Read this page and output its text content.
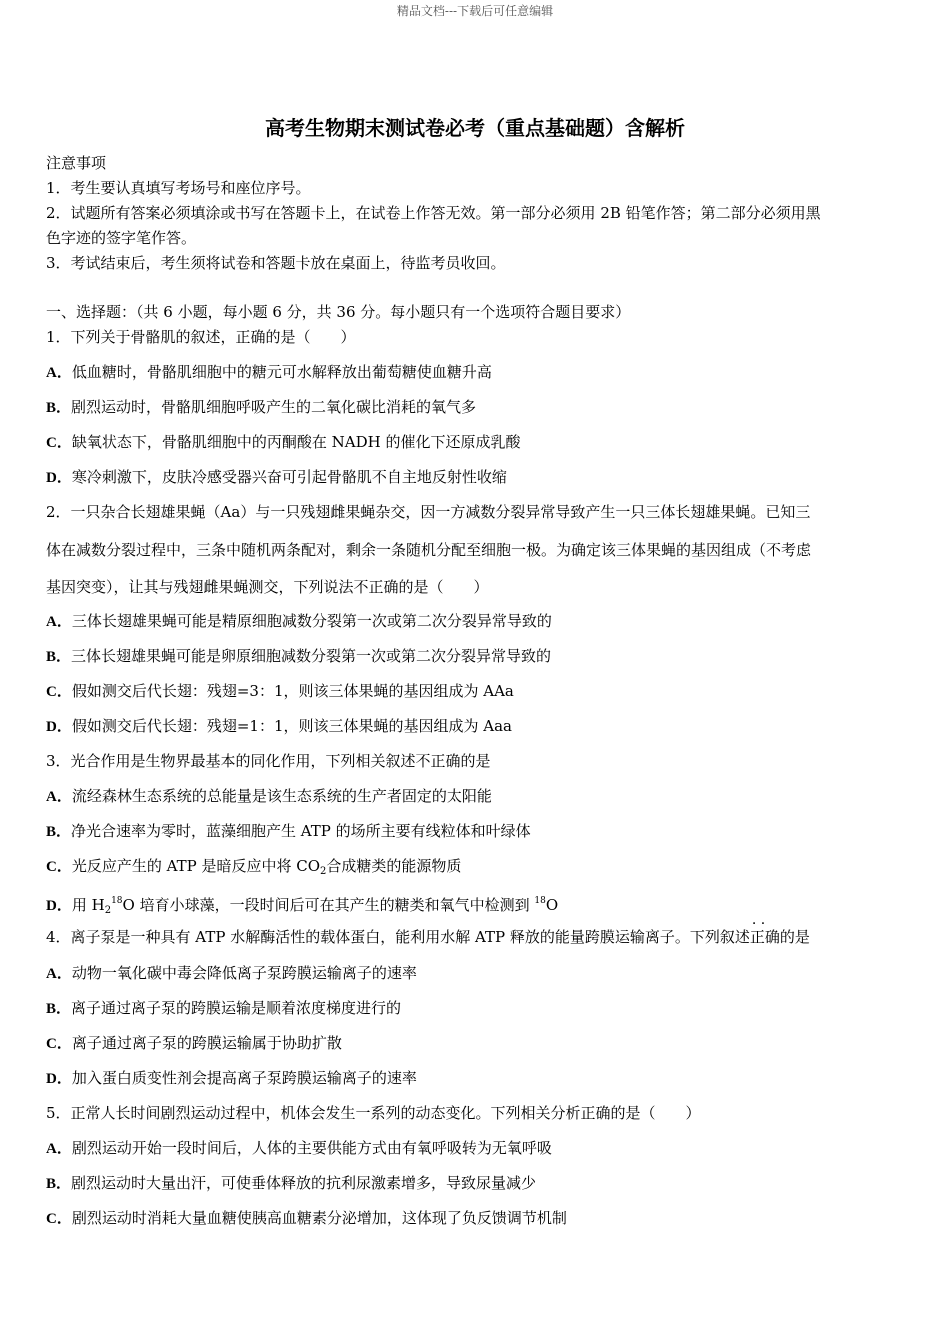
精品文档---下载后可任意编辑
高考生物期末测试卷必考（重点基础题）含解析
注意事项
1．考生要认真填写考场号和座位序号。
2．试题所有答案必须填涂或书写在答题卡上，在试卷上作答无效。第一部分必须用 2B 铅笔作答；第二部分必须用黑
色字迹的签字笔作答。
3．考试结束后，考生须将试卷和答题卡放在桌面上，待监考员收回。
一、选择题：（共 6 小题，每小题 6 分，共 36 分。每小题只有一个选项符合题目要求）
1．下列关于骨骼肌的叙述，正确的是（　　）
A．低血糖时，骨骼肌细胞中的糖元可水解释放出葡萄糖使血糖升高
B．剧烈运动时，骨骼肌细胞呼吸产生的二氧化碳比消耗的氧气多
C．缺氧状态下，骨骼肌细胞中的丙酮酸在 NADH 的催化下还原成乳酸
D．寒冷刺激下，皮肤冷感受器兴奋可引起骨骼肌不自主地反射性收缩
2．一只杂合长翅雄果蝇（Aa）与一只残翅雌果蝇杂交，因一方减数分裂异常导致产生一只三体长翅雄果蝇。已知三
体在减数分裂过程中，三条中随机两条配对，剩余一条随机分配至细胞一极。为确定该三体果蝇的基因组成（不考虑
基因突变），让其与残翅雌果蝇测交，下列说法不正确的是（　　）
A．三体长翅雄果蝇可能是精原细胞减数分裂第一次或第二次分裂异常导致的
B．三体长翅雄果蝇可能是卵原细胞减数分裂第一次或第二次分裂异常导致的
C．假如测交后代长翅：残翅=3：1，则该三体果蝇的基因组成为 AAa
D．假如测交后代长翅：残翅=1：1，则该三体果蝇的基因组成为 Aaa
3．光合作用是生物界最基本的同化作用，下列相关叙述不正确的是
A．流经森林生态系统的总能量是该生态系统的生产者固定的太阳能
B．净光合速率为零时，蓝藻细胞产生 ATP 的场所主要有线粒体和叶绿体
C．光反应产生的 ATP 是暗反应中将 $CO_2$合成糖类的能源物质
D．用 $H_2^{18}O$ 培育小球藻，一段时间后可在其产生的糖类和氧气中检测到 $^{18}$O
4．离子泵是一种具有 ATP 水解酶活性的载体蛋白，能利用水解 ATP 释放的能量跨膜运输离子。下列叙述· · 正确的是
A．动物一氧化碳中毒会降低离子泵跨膜运输离子的速率
B．离子通过离子泵的跨膜运输是顺着浓度梯度进行的
C．离子通过离子泵的跨膜运输属于协助扩散
D．加入蛋白质变性剂会提高离子泵跨膜运输离子的速率
5．正常人长时间剧烈运动过程中，机体会发生一系列的动态变化。下列相关分析正确的是（　　）
A．剧烈运动开始一段时间后，人体的主要供能方式由有氧呼吸转为无氧呼吸
B．剧烈运动时大量出汗，可使垂体释放的抗利尿激素增多，导致尿量减少
C．剧烈运动时消耗大量血糖使胰高血糖素分泌增加，这体现了负反馈调节机制
